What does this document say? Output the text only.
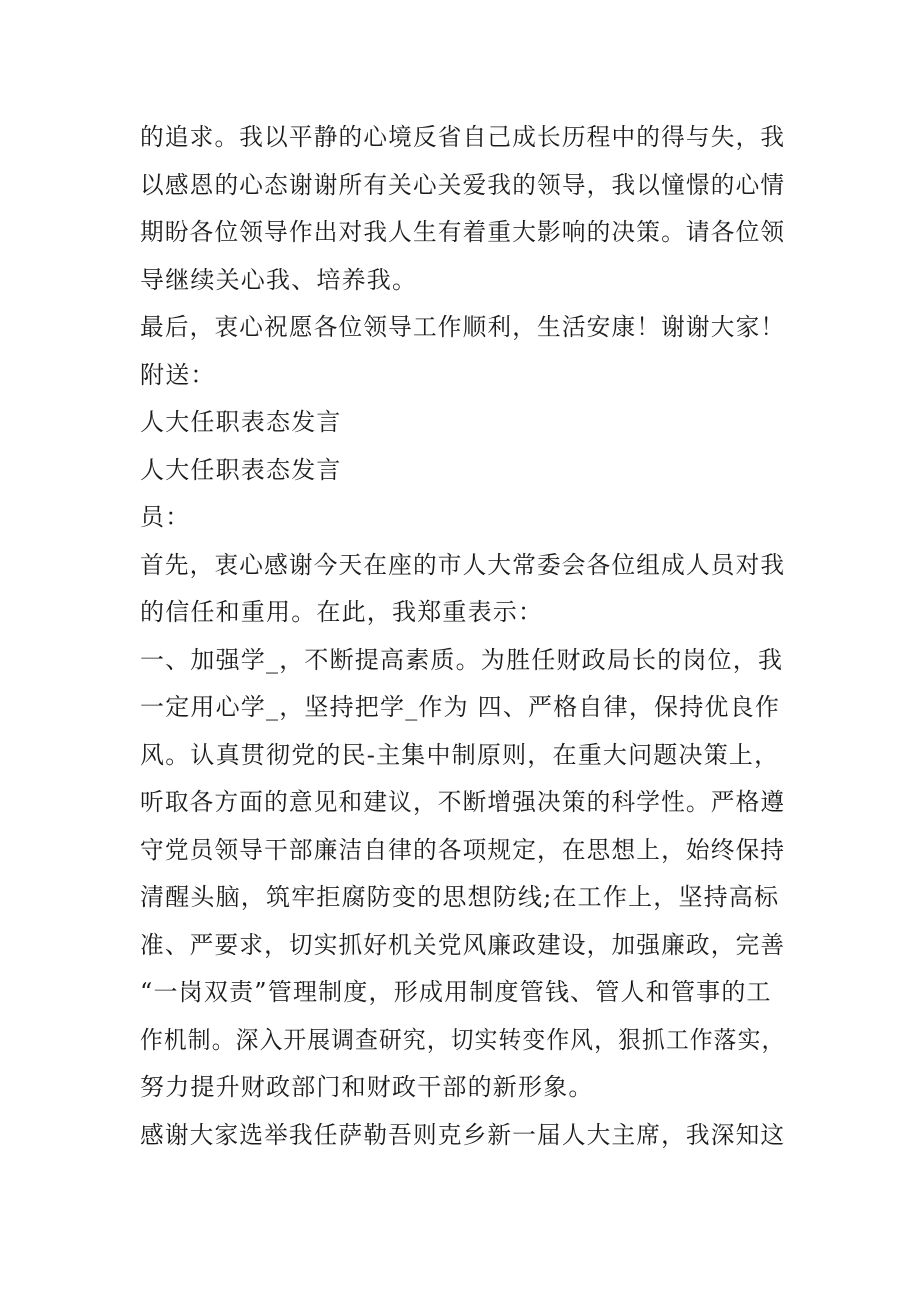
的追求。我以平静的心境反省自己成长历程中的得与失，我
以感恩的心态谢谢所有关心关爱我的领导，我以憧憬的心情
期盼各位领导作出对我人生有着重大影响的决策。请各位领
导继续关心我、培养我。
最后，衷心祝愿各位领导工作顺利，生活安康！谢谢大家！
附送：
人大任职表态发言
人大任职表态发言
员：
首先，衷心感谢今天在座的市人大常委会各位组成人员对我
的信任和重用。在此，我郑重表示：
一、加强学_，不断提高素质。为胜任财政局长的岗位，我
一定用心学_，坚持把学_作为 四、严格自律，保持优良作
风。认真贯彻党的民-主集中制原则，在重大问题决策上，
听取各方面的意见和建议，不断增强决策的科学性。严格遵
守党员领导干部廉洁自律的各项规定，在思想上，始终保持
清醒头脑，筑牢拒腐防变的思想防线;在工作上，坚持高标
准、严要求，切实抓好机关党风廉政建设，加强廉政，完善
“一岗双责”管理制度，形成用制度管钱、管人和管事的工
作机制。深入开展调查研究，切实转变作风，狠抓工作落实，
努力提升财政部门和财政干部的新形象。
感谢大家选举我任萨勒吾则克乡新一届人大主席，我深知这
